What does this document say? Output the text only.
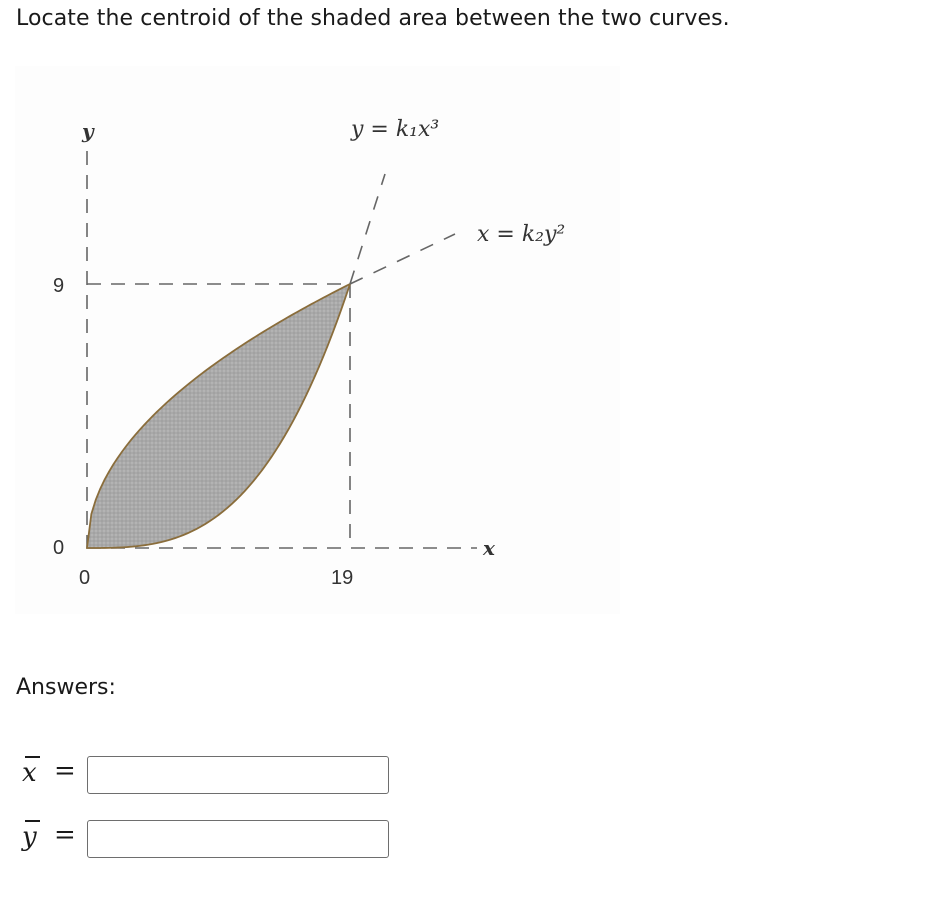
Locate the centroid of the shaded area between the two curves.
y
x
9
0
0	19
y = k₁x³
x = k₂y²
Answers:
x =
y =
